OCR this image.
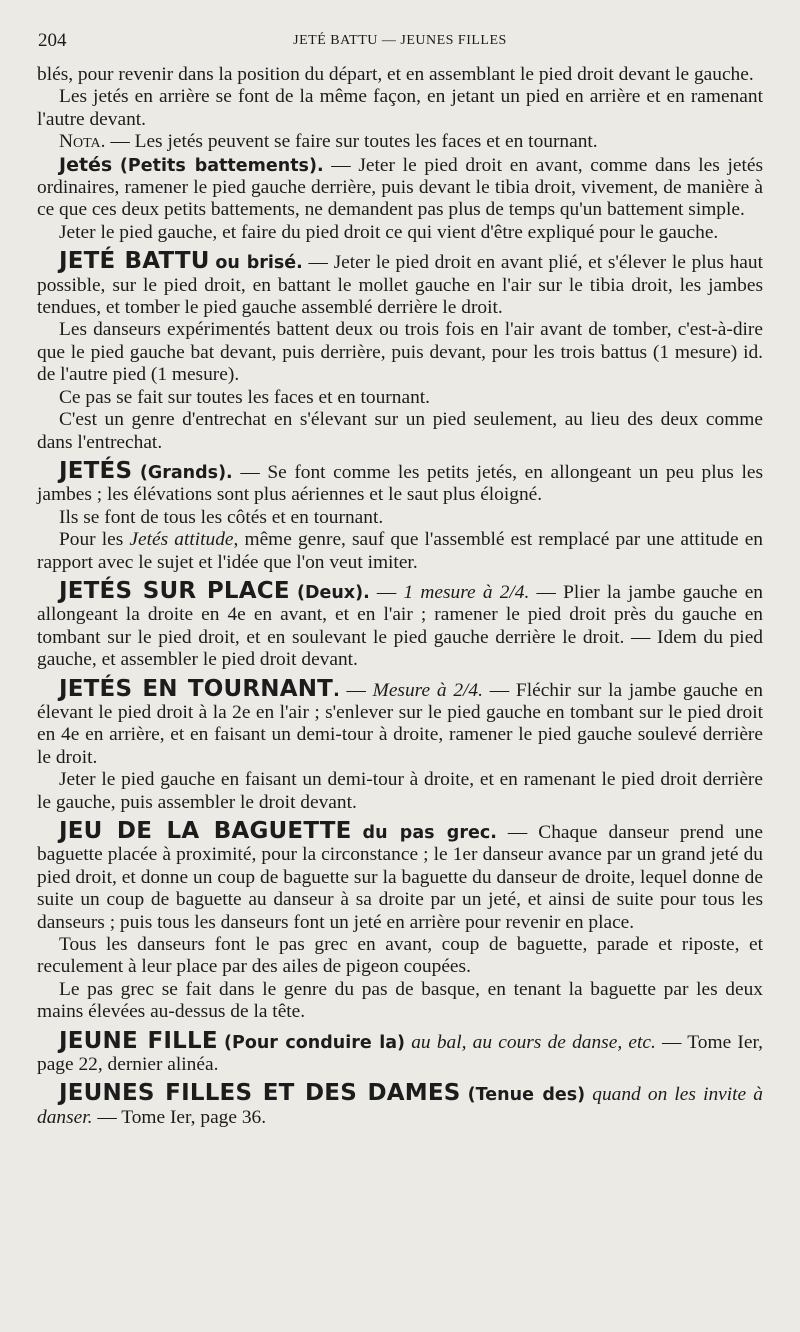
204	JETÉ BATTU — JEUNES FILLES

blés, pour revenir dans la position du départ, et en assemblant le pied droit devant le gauche.

Les jetés en arrière se font de la même façon, en jetant un pied en arrière et en ramenant l'autre devant.

Nota. — Les jetés peuvent se faire sur toutes les faces et en tournant.

Jetés (Petits battements). — Jeter le pied droit en avant, comme dans les jetés ordinaires, ramener le pied gauche derrière, puis devant le tibia droit, vivement, de manière à ce que ces deux petits battements, ne demandent pas plus de temps qu'un battement simple.

Jeter le pied gauche, et faire du pied droit ce qui vient d'être expliqué pour le gauche.

JETÉ BATTU ou brisé. — Jeter le pied droit en avant plié, et s'élever le plus haut possible, sur le pied droit, en battant le mollet gauche en l'air sur le tibia droit, les jambes tendues, et tomber le pied gauche assemblé derrière le droit.

Les danseurs expérimentés battent deux ou trois fois en l'air avant de tomber, c'est-à-dire que le pied gauche bat devant, puis derrière, puis devant, pour les trois battus (1 mesure) id. de l'autre pied (1 mesure).

Ce pas se fait sur toutes les faces et en tournant.

C'est un genre d'entrechat en s'élevant sur un pied seulement, au lieu des deux comme dans l'entrechat.

JETÉS (Grands). — Se font comme les petits jetés, en allongeant un peu plus les jambes ; les élévations sont plus aériennes et le saut plus éloigné.

Ils se font de tous les côtés et en tournant.

Pour les Jetés attitude, même genre, sauf que l'assemblé est remplacé par une attitude en rapport avec le sujet et l'idée que l'on veut imiter.

JETÉS SUR PLACE (Deux). — 1 mesure à 2/4. — Plier la jambe gauche en allongeant la droite en 4e en avant, et en l'air ; ramener le pied droit près du gauche en tombant sur le pied droit, et en soulevant le pied gauche derrière le droit. — Idem du pied gauche, et assembler le pied droit devant.

JETÉS EN TOURNANT. — Mesure à 2/4. — Fléchir sur la jambe gauche en élevant le pied droit à la 2e en l'air ; s'enlever sur le pied gauche en tombant sur le pied droit en 4e en arrière, et en faisant un demi-tour à droite, ramener le pied gauche soulevé derrière le droit.

Jeter le pied gauche en faisant un demi-tour à droite, et en ramenant le pied droit derrière le gauche, puis assembler le droit devant.

JEU DE LA BAGUETTE du pas grec. — Chaque danseur prend une baguette placée à proximité, pour la circonstance ; le 1er danseur avance par un grand jeté du pied droit, et donne un coup de baguette sur la baguette du danseur de droite, lequel donne de suite un coup de baguette au danseur à sa droite par un jeté, et ainsi de suite pour tous les danseurs ; puis tous les danseurs font un jeté en arrière pour revenir en place.

Tous les danseurs font le pas grec en avant, coup de baguette, parade et riposte, et reculement à leur place par des ailes de pigeon coupées.

Le pas grec se fait dans le genre du pas de basque, en tenant la baguette par les deux mains élevées au-dessus de la tête.

JEUNE FILLE (Pour conduire la) au bal, au cours de danse, etc. — Tome Ier, page 22, dernier alinéa.

JEUNES FILLES ET DES DAMES (Tenue des) quand on les invite à danser. — Tome Ier, page 36.
